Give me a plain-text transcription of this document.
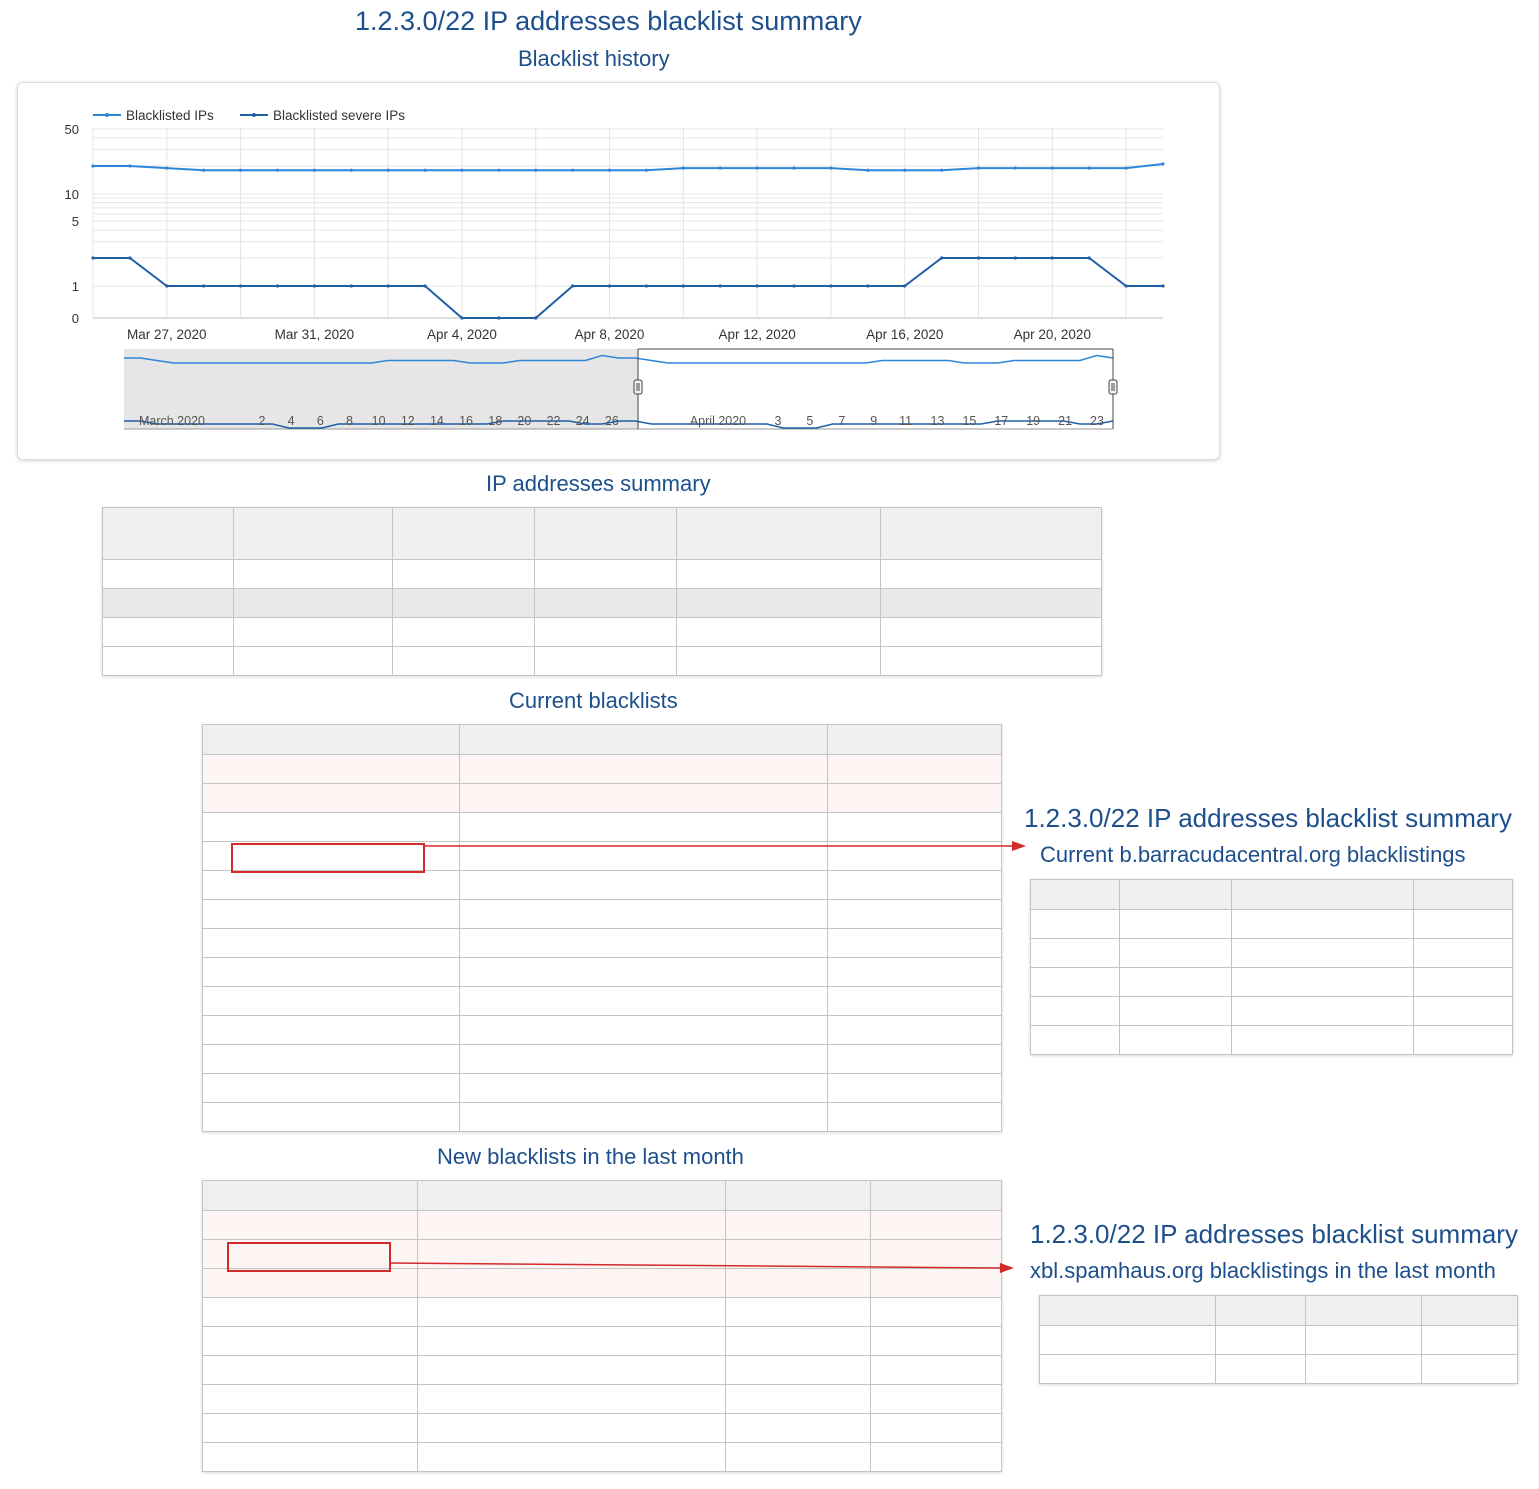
1.2.3.0/22 IP addresses blacklist summary
Blacklist history
50
10
5
1
0
Mar 27, 2020	Mar 31, 2020	Apr 4, 2020	Apr 8, 2020	Apr 12, 2020	Apr 16, 2020	Apr 20, 2020
Blacklisted IPs	Blacklisted severe IPs
March 2020	2 4 6 8 10 12 14 16 18 20 22 24 26	April 2020 3 5 7 9 11 13 15 17 19 21 23
IP addresses summary

Current blacklists

New blacklists in the last month

1.2.3.0/22 IP addresses blacklist summary
Current b.barracudacentral.org blacklistings

1.2.3.0/22 IP addresses blacklist summary
xbl.spamhaus.org blacklistings in the last month
